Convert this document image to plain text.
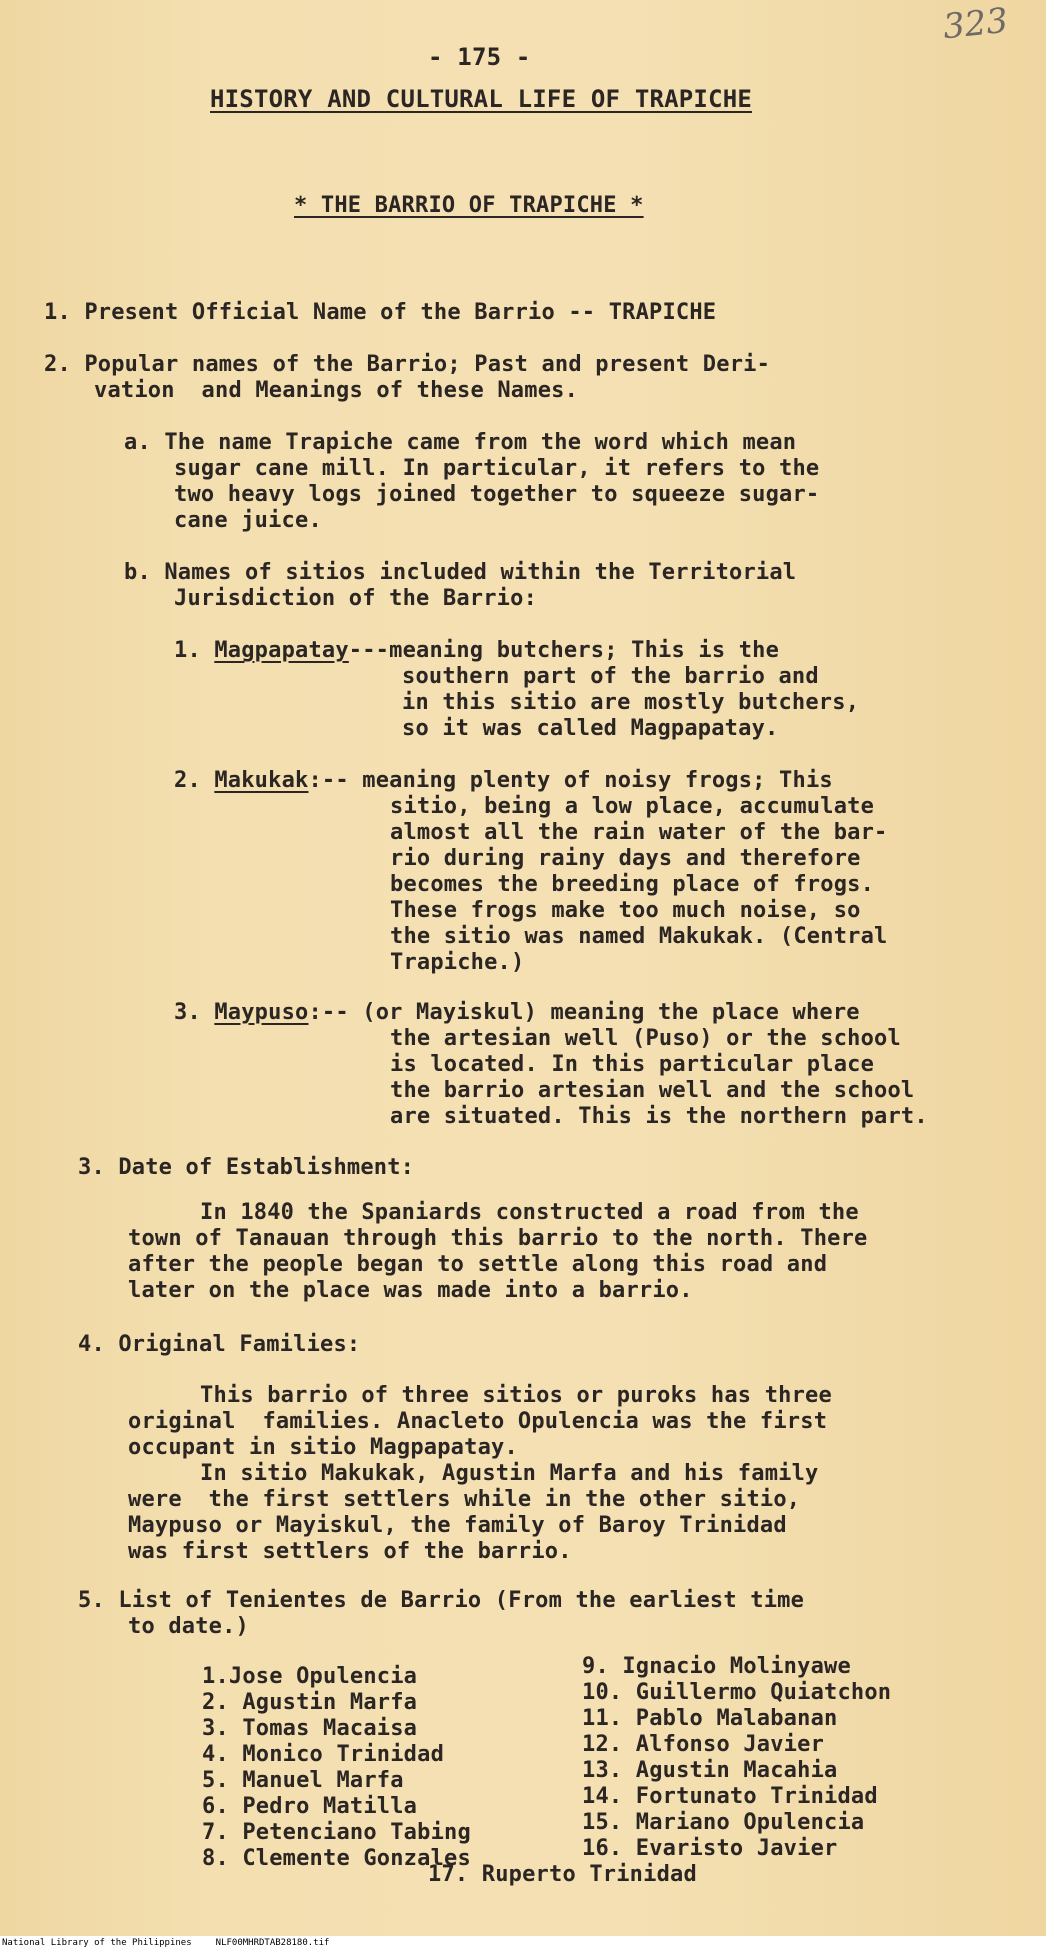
323
- 175 -
HISTORY AND CULTURAL LIFE OF TRAPICHE
* THE BARRIO OF TRAPICHE *
1. Present Official Name of the Barrio -- TRAPICHE
2. Popular names of the Barrio; Past and present Deri-
vation  and Meanings of these Names.
a. The name Trapiche came from the word which mean
sugar cane mill. In particular, it refers to the
two heavy logs joined together to squeeze sugar-
cane juice.
b. Names of sitios included within the Territorial
Jurisdiction of the Barrio:
1. Magpapatay---meaning butchers; This is the
southern part of the barrio and
in this sitio are mostly butchers,
so it was called Magpapatay.
2. Makukak:-- meaning plenty of noisy frogs; This
sitio, being a low place, accumulate
almost all the rain water of the bar-
rio during rainy days and therefore
becomes the breeding place of frogs.
These frogs make too much noise, so
the sitio was named Makukak. (Central
Trapiche.)
3. Maypuso:-- (or Mayiskul) meaning the place where
the artesian well (Puso) or the school
is located. In this particular place
the barrio artesian well and the school
are situated. This is the northern part.
3. Date of Establishment:
In 1840 the Spaniards constructed a road from the
town of Tanauan through this barrio to the north. There
after the people began to settle along this road and
later on the place was made into a barrio.
4. Original Families:
This barrio of three sitios or puroks has three
original  families. Anacleto Opulencia was the first
occupant in sitio Magpapatay.
In sitio Makukak, Agustin Marfa and his family
were  the first settlers while in the other sitio,
Maypuso or Mayiskul, the family of Baroy Trinidad
was first settlers of the barrio.
5. List of Tenientes de Barrio (From the earliest time
to date.)
1.Jose Opulencia
2. Agustin Marfa
3. Tomas Macaisa
4. Monico Trinidad
5. Manuel Marfa
6. Pedro Matilla
7. Petenciano Tabing
8. Clemente Gonzales
9. Ignacio Molinyawe
10. Guillermo Quiatchon
11. Pablo Malabanan
12. Alfonso Javier
13. Agustin Macahia
14. Fortunato Trinidad
15. Mariano Opulencia
16. Evaristo Javier
17. Ruperto Trinidad
National Library of the Philippines	NLF00MHRDTAB28180.tif
